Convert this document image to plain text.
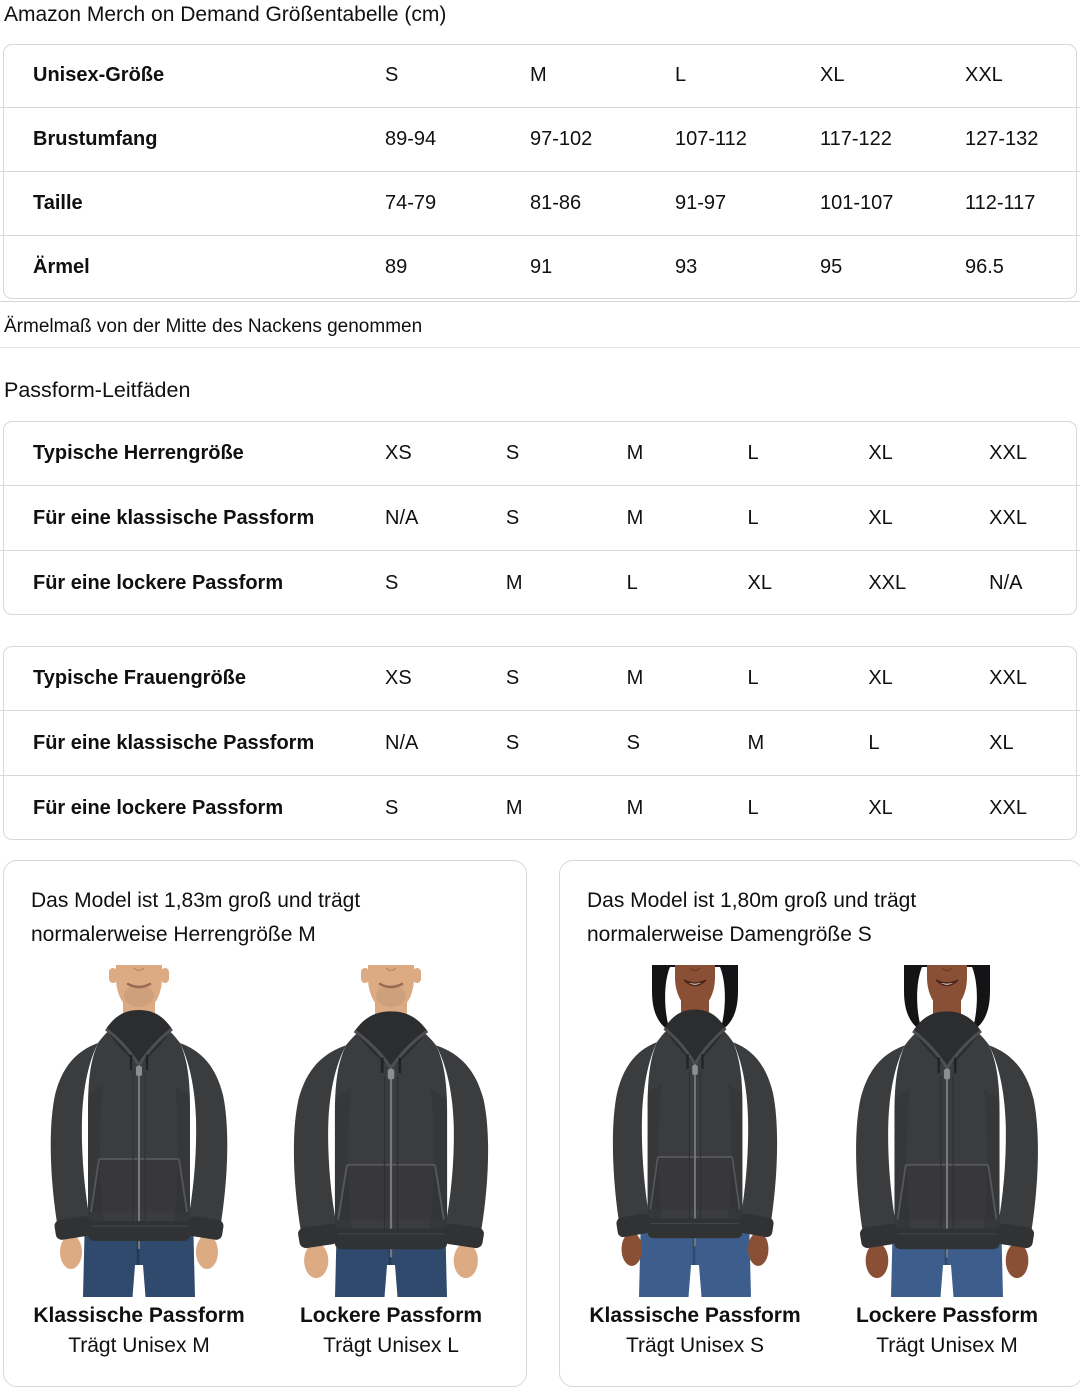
Amazon Merch on Demand Größentabelle (cm)
Unisex-Größe	S	M	L	XL	XXL
Brustumfang	89-94	97-102	107-112	117-122	127-132
Taille	74-79	81-86	91-97	101-107	112-117
Ärmel	89	91	93	95	96.5
Ärmelmaß von der Mitte des Nackens genommen
Passform-Leitfäden
Typische Herrengröße	XS	S	M	L	XL	XXL
Für eine klassische Passform	N/A	S	M	L	XL	XXL
Für eine lockere Passform	S	M	L	XL	XXL	N/A
Typische Frauengröße	XS	S	M	L	XL	XXL
Für eine klassische Passform	N/A	S	S	M	L	XL
Für eine lockere Passform	S	M	M	L	XL	XXL

Das Model ist 1,83m groß und trägt normalerweise Herrengröße M

Klassische Passform
Trägt Unisex M
Lockere Passform
Trägt Unisex L

Das Model ist 1,80m groß und trägt normalerweise Damengröße S

Klassische Passform
Trägt Unisex S
Lockere Passform
Trägt Unisex M
